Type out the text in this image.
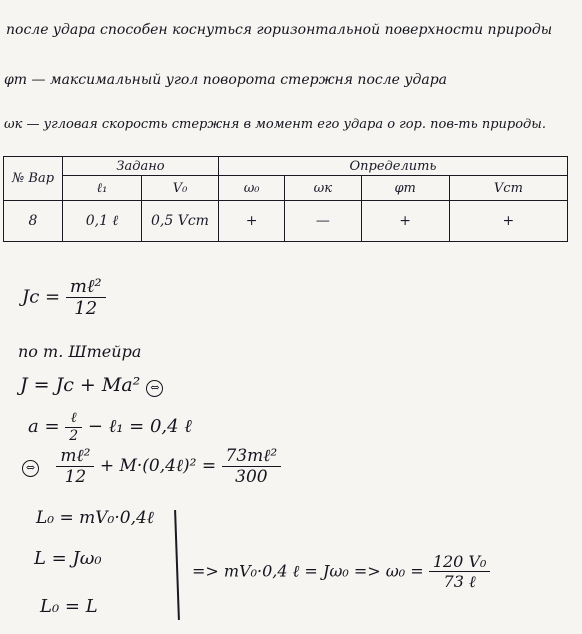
после удара способен коснуться горизонтальной поверхности природы
φm — максимальный угол поворота стержня после удара
ωк — угловая скорость стержня в момент его удара о гор. пов-ть природы.
№ Вар	Задано		Определить			
	ℓ₁	V₀	ω₀	ωк	φm	Vcm
8	0,1 ℓ	0,5 Vсm	+	—	+	+
$Jc = \frac{\text{mℓ²}}{12}$
по т. Штейра
J = Jc + Ma² ⇔
$a = \frac{\text{ℓ}}{2}$ − ℓ₁ = 0,4 ℓ
⇔ $\frac{\text{mℓ²}}{12}$ + M·(0,4ℓ)² = $\frac{\text{73mℓ²}}{300}$
L₀ = mV₀·0,4ℓ
L = Jω₀
L₀ = L
=> mV₀·0,4 ℓ = $J\omega_0 => \omega_0 = \frac{\text{120 V₀}}{\text{73 ℓ}}$
